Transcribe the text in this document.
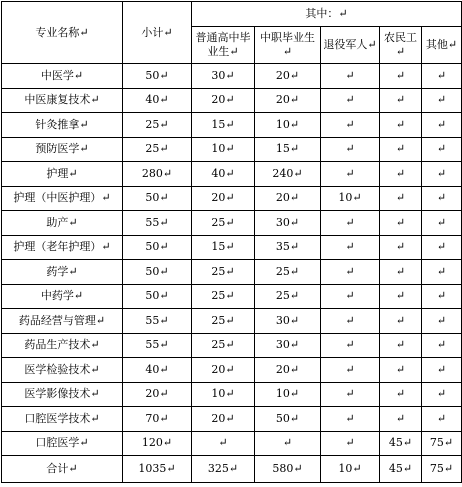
专业名称↵	小计↵	其中：↵				
		普通高中毕业生↵	中职毕业生↵	退役军人↵	农民工↵	其他↵
中医学↵	50↵	30↵	20↵	↵	↵	↵
中医康复技术↵	40↵	20↵	20↵	↵	↵	↵
针灸推拿↵	25↵	15↵	10↵	↵	↵	↵
预防医学↵	25↵	10↵	15↵	↵	↵	↵
护理↵	280↵	40↵	240↵	↵	↵	↵
护理（中医护理）↵	50↵	20↵	20↵	10↵	↵	↵
助产↵	55↵	25↵	30↵	↵	↵	↵
护理（老年护理）↵	50↵	15↵	35↵	↵	↵	↵
药学↵	50↵	25↵	25↵	↵	↵	↵
中药学↵	50↵	25↵	25↵	↵	↵	↵
药品经营与管理↵	55↵	25↵	30↵	↵	↵	↵
药品生产技术↵	55↵	25↵	30↵	↵	↵	↵
医学检验技术↵	40↵	20↵	20↵	↵	↵	↵
医学影像技术↵	20↵	10↵	10↵	↵	↵	↵
口腔医学技术↵	70↵	20↵	50↵	↵	↵	↵
口腔医学↵	120↵	↵	↵	↵	45↵	75↵
合计↵	1035↵	325↵	580↵	10↵	45↵	75↵
